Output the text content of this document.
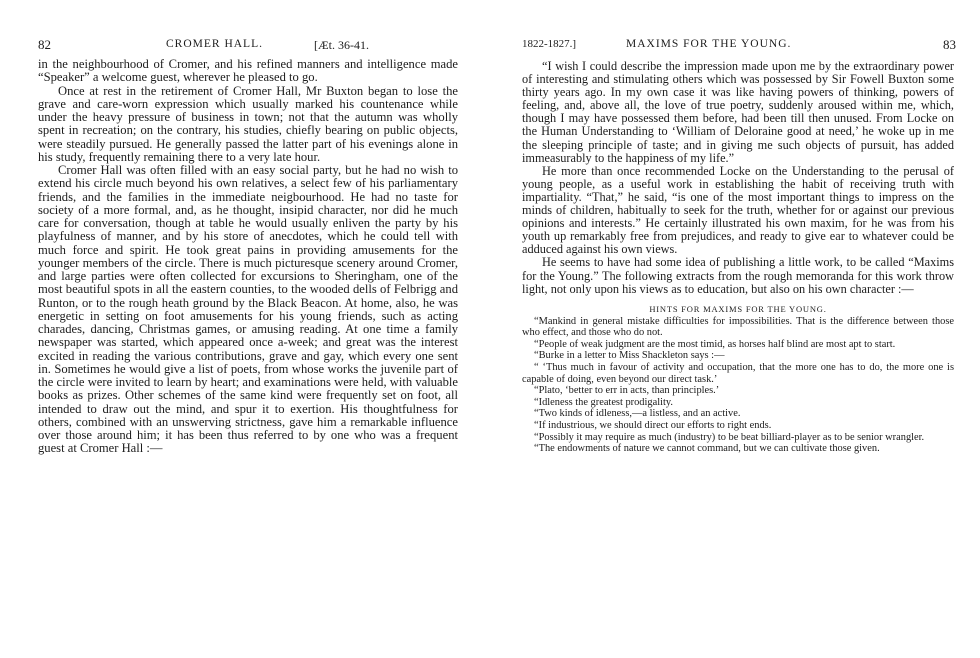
82	CROMER HALL.	[Æt. 36-41.

in the neighbourhood of Cromer, and his refined manners and intelligence made “Speaker” a welcome guest, wherever he pleased to go.

Once at rest in the retirement of Cromer Hall, Mr Buxton began to lose the grave and care-worn expression which usually marked his countenance while under the heavy pressure of business in town; not that the autumn was wholly spent in recreation; on the contrary, his studies, chiefly bearing on public objects, were steadily pursued. He generally passed the latter part of his evenings alone in his study, frequently remaining there to a very late hour.

Cromer Hall was often filled with an easy social party, but he had no wish to extend his circle much beyond his own relatives, a select few of his parliamentary friends, and the families in the immediate neigbourhood. He had no taste for society of a more formal, and, as he thought, insipid character, nor did he much care for conversation, though at table he would usually enliven the party by his playfulness of manner, and by his store of anecdotes, which he could tell with much force and spirit. He took great pains in providing amusements for the younger members of the circle. There is much picturesque scenery around Cromer, and large parties were often collected for excursions to Sheringham, one of the most beautiful spots in all the eastern counties, to the wooded dells of Felbrigg and Runton, or to the rough heath ground by the Black Beacon. At home, also, he was energetic in setting on foot amusements for his young friends, such as acting charades, dancing, Christmas games, or amusing reading. At one time a family newspaper was started, which appeared once a-week; and great was the interest excited in reading the various contributions, grave and gay, which every one sent in. Sometimes he would give a list of poets, from whose works the juvenile part of the circle were invited to learn by heart; and examinations were held, with valuable books as prizes. Other schemes of the same kind were frequently set on foot, all intended to draw out the mind, and spur it to exertion. His thoughtfulness for others, combined with an unswerving strictness, gave him a remarkable influence over those around him; it has been thus referred to by one who was a frequent guest at Cromer Hall :—

1822-1827.]	MAXIMS FOR THE YOUNG.	83

“I wish I could describe the impression made upon me by the extraordinary power of interesting and stimulating others which was possessed by Sir Fowell Buxton some thirty years ago. In my own case it was like having powers of thinking, powers of feeling, and, above all, the love of true poetry, suddenly aroused within me, which, though I may have possessed them before, had been till then unused. From Locke on the Human Understanding to ‘William of Deloraine good at need,’ he woke up in me the sleeping principle of taste; and in giving me such objects of pursuit, has added immeasurably to the happiness of my life.”

He more than once recommended Locke on the Understanding to the perusal of young people, as a useful work in establishing the habit of receiving truth with impartiality. “That,” he said, “is one of the most important things to impress on the minds of children, habitually to seek for the truth, whether for or against our previous opinions and interests.” He certainly illustrated his own maxim, for he was from his youth up remarkably free from prejudices, and ready to give ear to whatever could be adduced against his own views.

He seems to have had some idea of publishing a little work, to be called “Maxims for the Young.” The following extracts from the rough memoranda for this work throw light, not only upon his views as to education, but also on his own character :—

HINTS FOR MAXIMS FOR THE YOUNG.

“Mankind in general mistake difficulties for impossibilities. That is the difference between those who effect, and those who do not.

“People of weak judgment are the most timid, as horses half blind are most apt to start.

“Burke in a letter to Miss Shackleton says :—

“ ‘Thus much in favour of activity and occupation, that the more one has to do, the more one is capable of doing, even beyond our direct task.’

“Plato, ‘better to err in acts, than principles.’

“Idleness the greatest prodigality.

“Two kinds of idleness,—a listless, and an active.

“If industrious, we should direct our efforts to right ends.

“Possibly it may require as much (industry) to be beat billiard-player as to be senior wrangler.

“The endowments of nature we cannot command, but we can cultivate those given.
